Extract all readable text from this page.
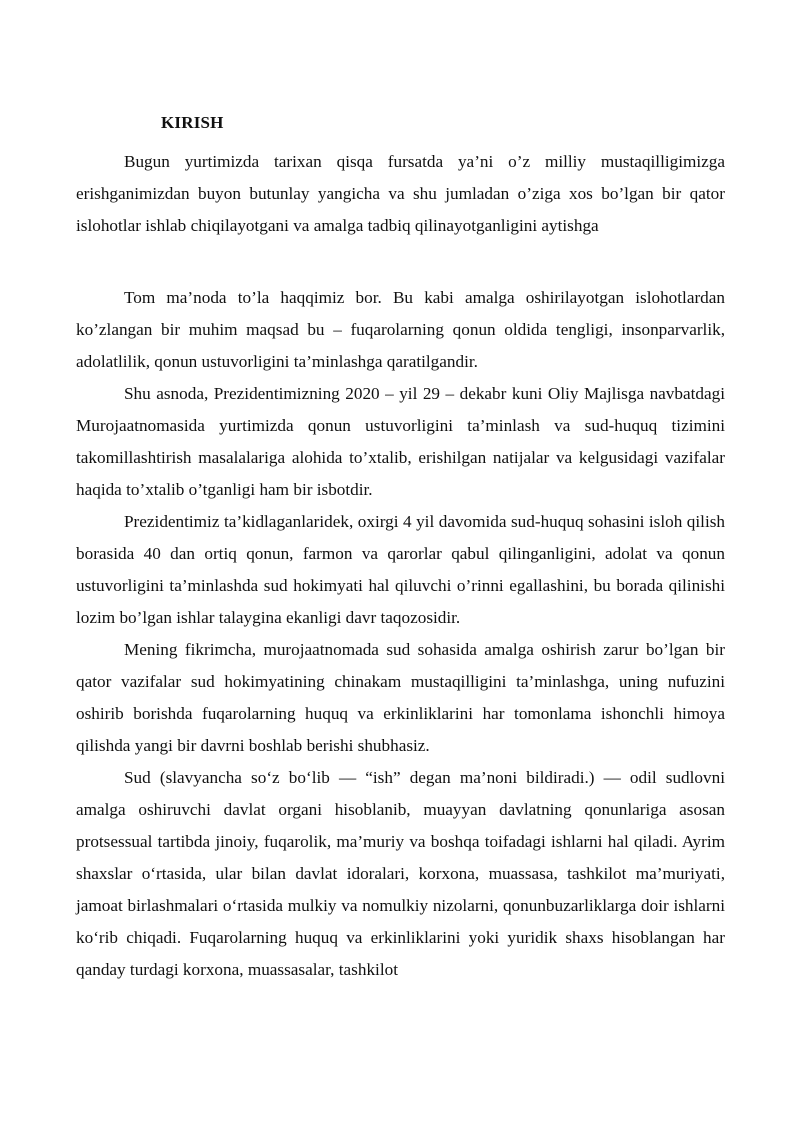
KIRISH

Bugun yurtimizda tarixan qisqa fursatda ya’ni o’z milliy mustaqilligimizga erishganimizdan buyon butunlay yangicha va shu jumladan o’ziga xos bo’lgan bir qator islohotlar ishlab chiqilayotgani va amalga tadbiq qilinayotganligini aytishga

Tom ma’noda to’la haqqimiz bor. Bu kabi amalga oshirilayotgan islohotlardan ko’zlangan bir muhim maqsad bu – fuqarolarning qonun oldida tengligi, insonparvarlik, adolatlilik, qonun ustuvorligini ta’minlashga qaratilgandir.

Shu asnoda, Prezidentimizning 2020 – yil 29 – dekabr kuni Oliy Majlisga navbatdagi Murojaatnomasida yurtimizda qonun ustuvorligini ta’minlash va sud-huquq tizimini takomillashtirish masalalariga alohida to’xtalib, erishilgan natijalar va kelgusidagi vazifalar haqida to’xtalib o’tganligi ham bir isbotdir.

Prezidentimiz ta’kidlaganlaridek, oxirgi 4 yil davomida sud-huquq sohasini isloh qilish borasida 40 dan ortiq qonun, farmon va qarorlar qabul qilinganligini, adolat va qonun ustuvorligini ta’minlashda sud hokimyati hal qiluvchi o’rinni egallashini, bu borada qilinishi lozim bo’lgan ishlar talaygina ekanligi davr taqozosidir.

Mening fikrimcha, murojaatnomada sud sohasida amalga oshirish zarur bo’lgan bir qator vazifalar sud hokimyatining chinakam mustaqilligini ta’minlashga, uning nufuzini oshirib borishda fuqarolarning huquq va erkinliklarini har tomonlama ishonchli himoya qilishda yangi bir davrni boshlab berishi shubhasiz.

Sud (slavyancha so‘z bo‘lib — “ish” degan ma’noni bildiradi.) — odil sudlovni amalga oshiruvchi davlat organi hisoblanib, muayyan davlatning qonunlariga asosan protsessual tartibda jinoiy, fuqarolik, ma’muriy va boshqa toifadagi ishlarni hal qiladi. Ayrim shaxslar o‘rtasida, ular bilan davlat idoralari, korxona, muassasa, tashkilot ma’muriyati, jamoat birlashmalari o‘rtasida mulkiy va nomulkiy nizolarni, qonunbuzarliklarga doir ishlarni ko‘rib chiqadi. Fuqarolarning huquq va erkinliklarini yoki yuridik shaxs hisoblangan har qanday turdagi korxona, muassasalar, tashkilot
